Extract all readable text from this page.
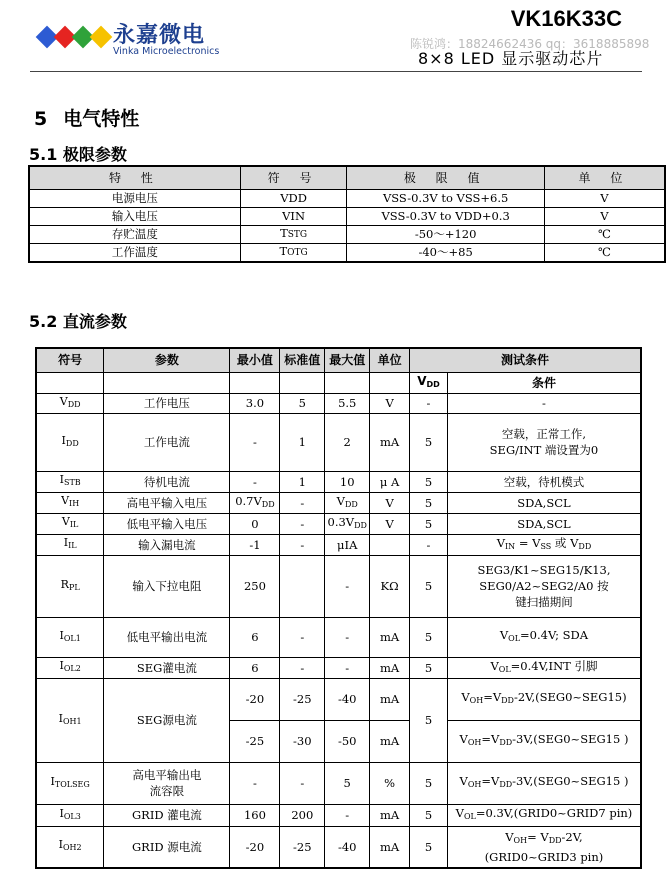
永嘉微电
Vinka Microelectronics
VK16K33C
陈锐鸿：18824662436 qq：3618885898
8×8 LED 显示驱动芯片
5 电气特性
5.1 极限参数
特 性	符 号	极 限 值	单 位
电源电压	VDD	VSS-0.3V to VSS+6.5	V
输入电压	VIN	VSS-0.3V to VDD+0.3	V
存贮温度	TSTG	-50～+120	℃
工作温度	TOTG	-40～+85	℃
5.2 直流参数
符号	参数	最小值	标准值	最大值	单位	测试条件	
						$V_{DD}$	条件
$V_{DD}$	工作电压	3.0	5	5.5	V	-	-
$I_{DD}$	工作电流	-	1	2	mA	5	空载，正常工作,
SEG/INT 端设置为0

$I_{STB}$	待机电流	-	1	10	μ A	5	空载，待机模式
$V_{IH}$	高电平输入电压	$0.7V_{DD}$	-	$V_{DD}$	V	5	SDA,SCL
$V_{IL}$	低电平输入电压	0	-	$0.3V_{DD}$	V	5	SDA,SCL
$I_{IL}$	输入漏电流	-1	-	μIA		-	$V_{IN} = V_{SS}$ 或 $V_{DD}$
$R_{PL}$	输入下拉电阻	250		-	KΩ	5	SEG3/K1~SEG15/K13,
SEG0/A2~SEG2/A0 按
键扫描期间

$I_{OL1}$	低电平输出电流	6	-	-	mA	5	$V_{OL}=0.4V$; SDA
$I_{OL2}$	SEG灌电流	6	-	-	mA	5	$V_{OL}=0.4V,INT$ 引脚
$I_{OH1}$	SEG源电流	-20	-25	-40	mA	5	$V_{OH}=V_{DD}-2V,(SEG0\sim SEG15)$
		-25	-30	-50	mA		$V_{OH}=V_{DD}-3V,(SEG0\sim SEG15$ )
$I_{TOLSEG}$	高电平输出电
流容限	-	-	5	%	5	$V_{OH}=V_{DD}-3V,(SEG0\sim SEG15$ )
$I_{OL3}$	GRID 灌电流	160	200	-	mA	5	$V_{OL}=0.3V,(GRID0\sim GRID7$ pin)
$I_{OH2}$	GRID 源电流	-20	-25	-40	mA	5	$V_{OH}= V_{DD}-2V$,
(GRID0~GRID3 pin)
